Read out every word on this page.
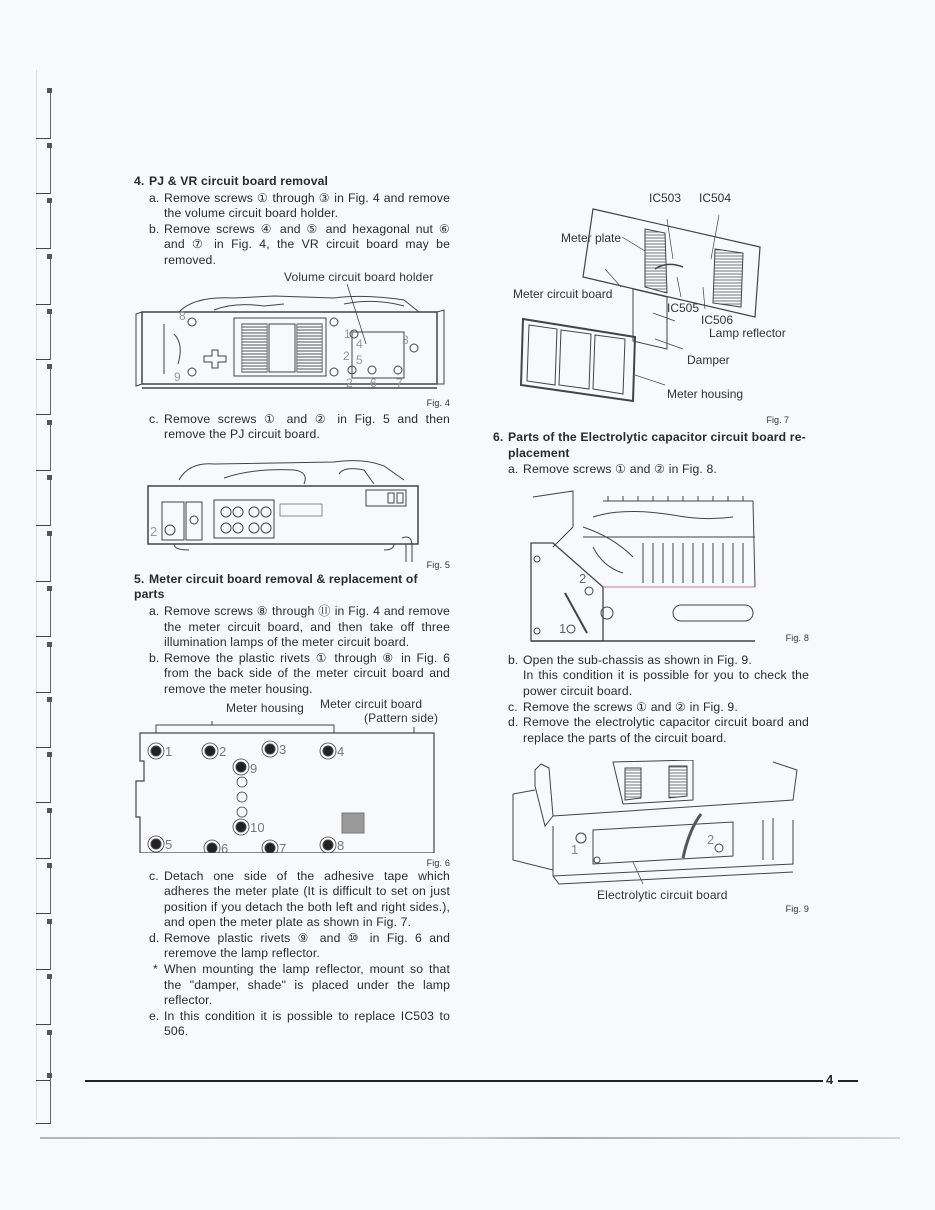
4. PJ & VR circuit board removal

a. Remove screws ① through ③ in Fig. 4 and remove the volume circuit board holder.

b. Remove screws ④ and ⑤ and hexagonal nut ⑥ and ⑦ in Fig. 4, the VR circuit board may be removed.

Volume circuit board holder
8
9
1
2
2
4
5
6 7
3
Fig. 4

c. Remove screws ① and ② in Fig. 5 and then remove the PJ circuit board.

2
Fig. 5
5. Meter circuit board removal & replacement of parts

a. Remove screws ⑧ through ⑪ in Fig. 4 and remove the meter circuit board, and then take off three illumination lamps of the meter circuit board.

b. Remove the plastic rivets ① through ⑧ in Fig. 6 from the back side of the meter circuit board and remove the meter housing.

Meter housing Meter circuit board
(Pattern side)
1	2	3	4
9
10
5	6	7	8
Fig. 6

c. Detach one side of the adhesive tape which adheres the meter plate (It is difficult to set on just position if you detach the both left and right sides.), and open the meter plate as shown in Fig. 7.

d. Remove plastic rivets ⑨ and ⑩ in Fig. 6 and reremove the lamp reflector.

* When mounting the lamp reflector, mount so that the "damper, shade" is placed under the lamp reflector.

e. In this condition it is possible to replace IC503 to 506.

IC503 IC504
Meter plate
Meter circuit board
IC505
IC506
Lamp reflector
Damper
Meter housing
Fig. 7
6. Parts of the Electrolytic capacitor circuit board re-
placement

a. Remove screws ① and ② in Fig. 8.

2
1
Fig. 8

b. Open the sub-chassis as shown in Fig. 9.
In this condition it is possible for you to check the power circuit board.

c. Remove the screws ① and ② in Fig. 9.

d. Remove the electrolytic capacitor circuit board and replace the parts of the circuit board.

1
2
Electrolytic circuit board
Fig. 9
4
